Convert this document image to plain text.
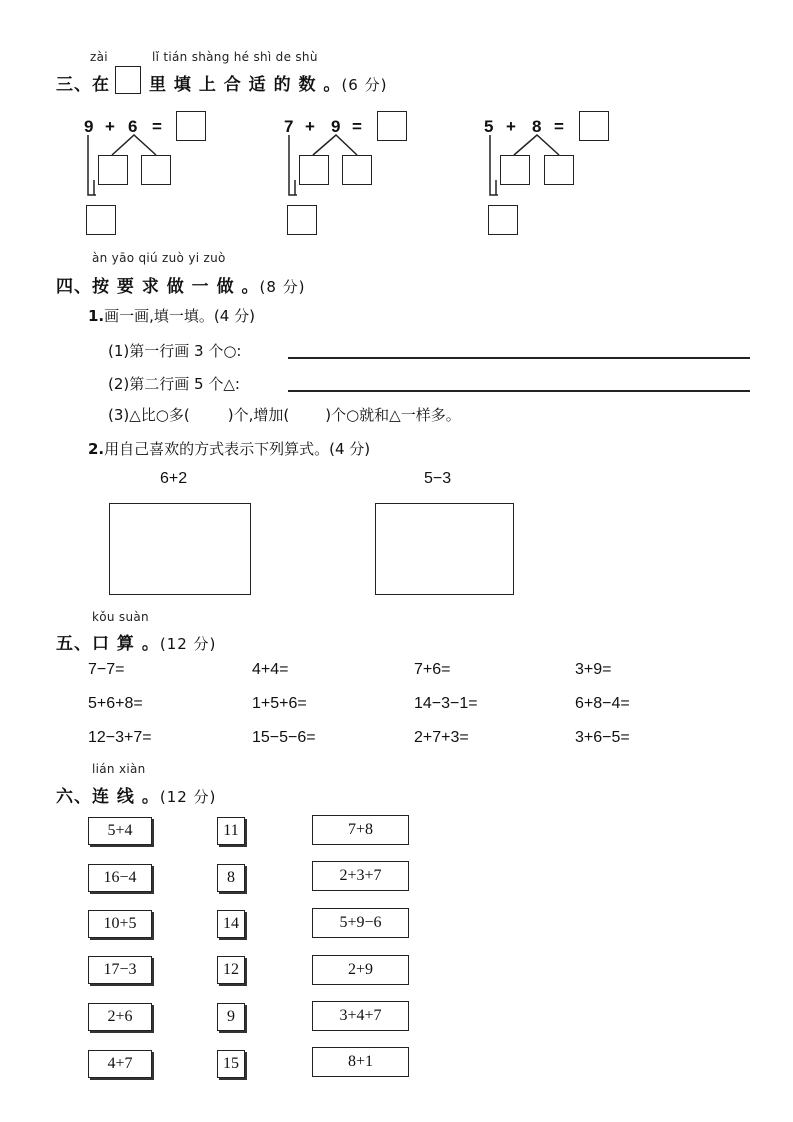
zài	lǐ tián shàng hé shì de shù
三、在 里 填 上 合 适 的 数 。(6 分)
9 + 6 =	7 + 9 =	5 + 8 =
àn yāo qiú zuò yi zuò
四、按 要 求 做 一 做 。(8 分)
1.画一画,填一填。(4 分)
(1)第一行画 3 个○:
(2)第二行画 5 个△:
(3)△比○多(	)个,增加( )个○就和△一样多。
2.用自己喜欢的方式表示下列算式。(4 分)
6+2	5−3
kǒu suàn
五、口 算 。(12 分)
7−7=	4+4=	7+6=	3+9=
5+6+8=	1+5+6=	14−3−1=	6+8−4=
12−3+7=	15−5−6=	2+7+3=	3+6−5=
lián xiàn
六、连 线 。(12 分)
5+4
16−4
10+5
17−3
2+6
4+7
11
8
14
12
9
15
7+8
2+3+7
5+9−6
2+9
3+4+7
8+1
